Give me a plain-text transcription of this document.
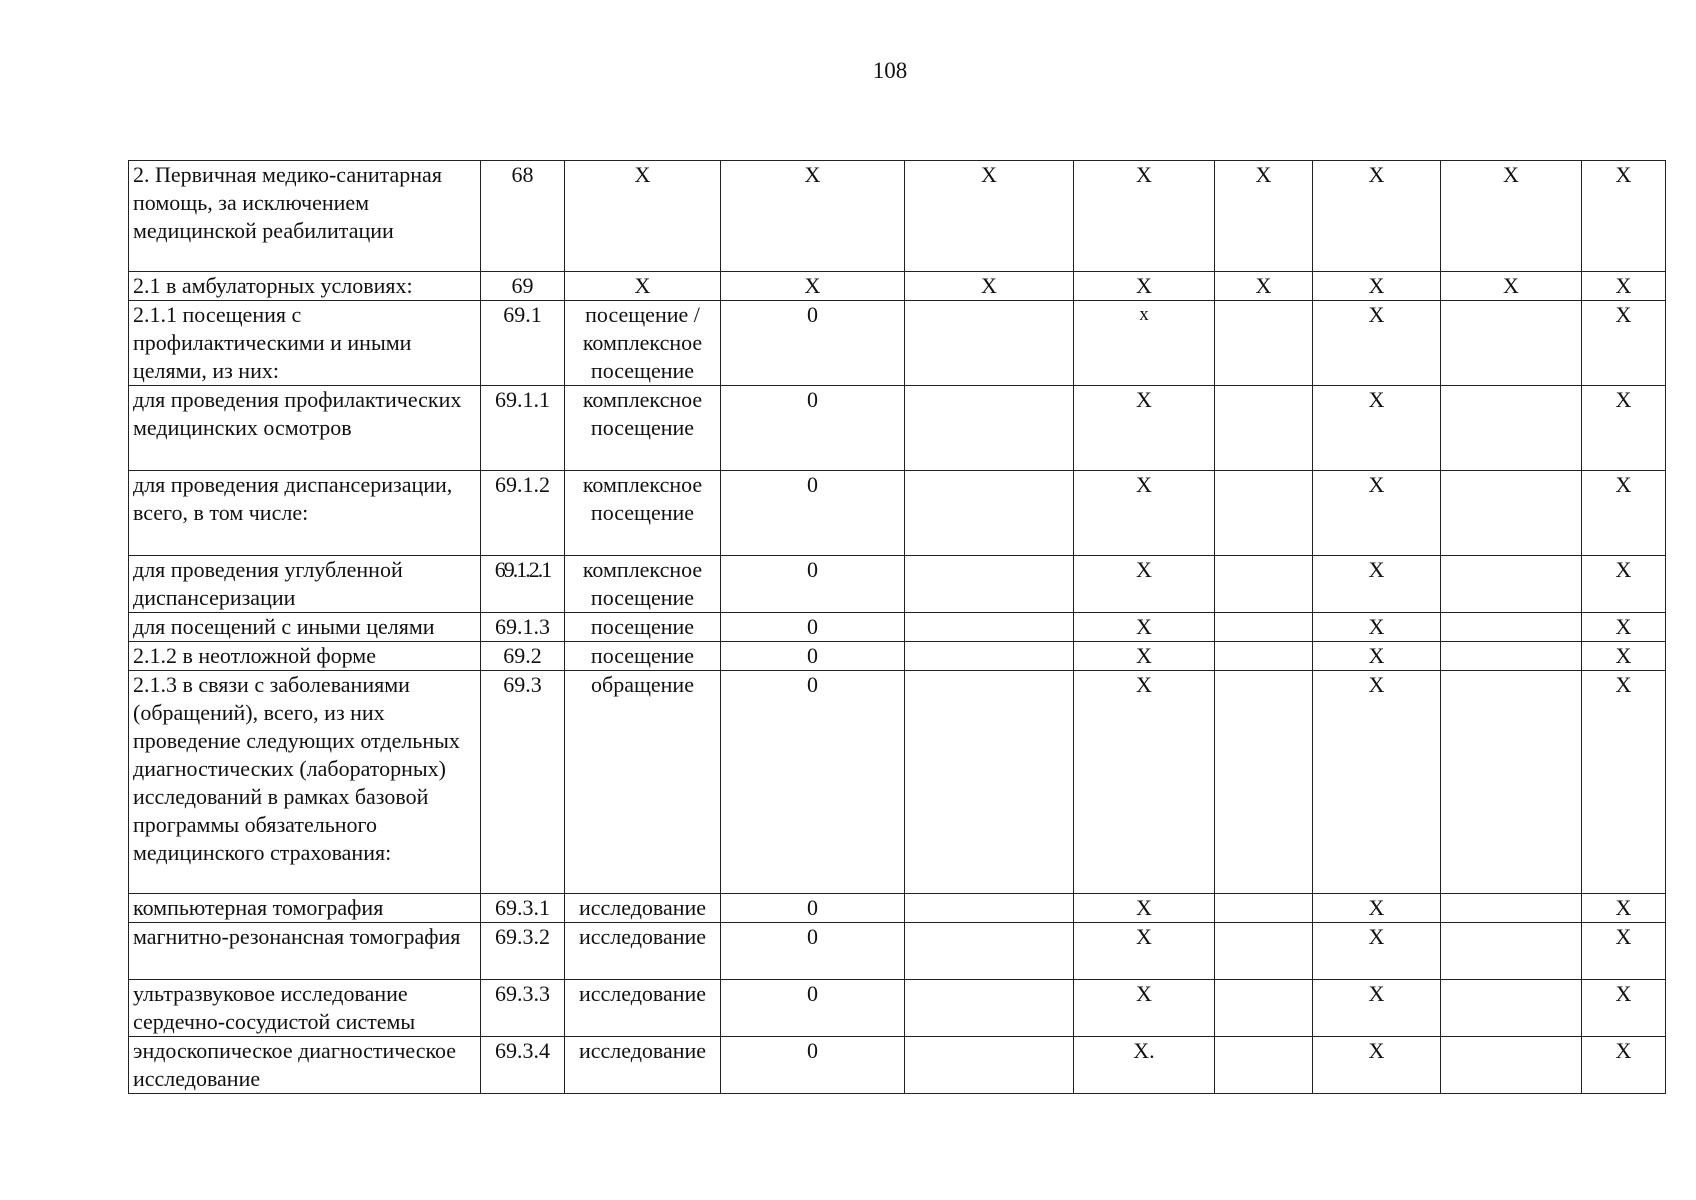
108
2. Первичная медико-санитарная помощь, за исключением медицинской реабилитации	68	Х	Х	Х	Х	Х	Х	Х	Х
2.1 в амбулаторных условиях:	69	Х	Х	Х	Х	Х	Х	Х	Х
2.1.1 посещения с профилактическими и иными целями, из них:	69.1	посещение / комплексное посещение	0		х		Х		Х
для проведения профилактических медицинских осмотров	69.1.1	комплексное посещение	0		Х		Х		Х
для проведения диспансеризации, всего, в том числе:	69.1.2	комплексное посещение	0		Х		Х		Х
для проведения углубленной диспансеризации	69.1.2.1	комплексное посещение	0		Х		Х		Х
для посещений с иными целями	69.1.3	посещение	0		Х		Х		Х
2.1.2 в неотложной форме	69.2	посещение	0		Х		Х		Х
2.1.3 в связи с заболеваниями (обращений), всего, из них проведение следующих отдельных диагностических (лабораторных) исследований в рамках базовой программы обязательного медицинского страхования:	69.3	обращение	0		Х		Х		Х
компьютерная томография	69.3.1	исследование	0		Х		Х		Х
магнитно-резонансная томография	69.3.2	исследование	0		Х		Х		Х
ультразвуковое исследование сердечно-сосудистой системы	69.3.3	исследование	0		Х		Х		Х
эндоскопическое диагностическое исследование	69.3.4	исследование	0		Х.		Х		Х
